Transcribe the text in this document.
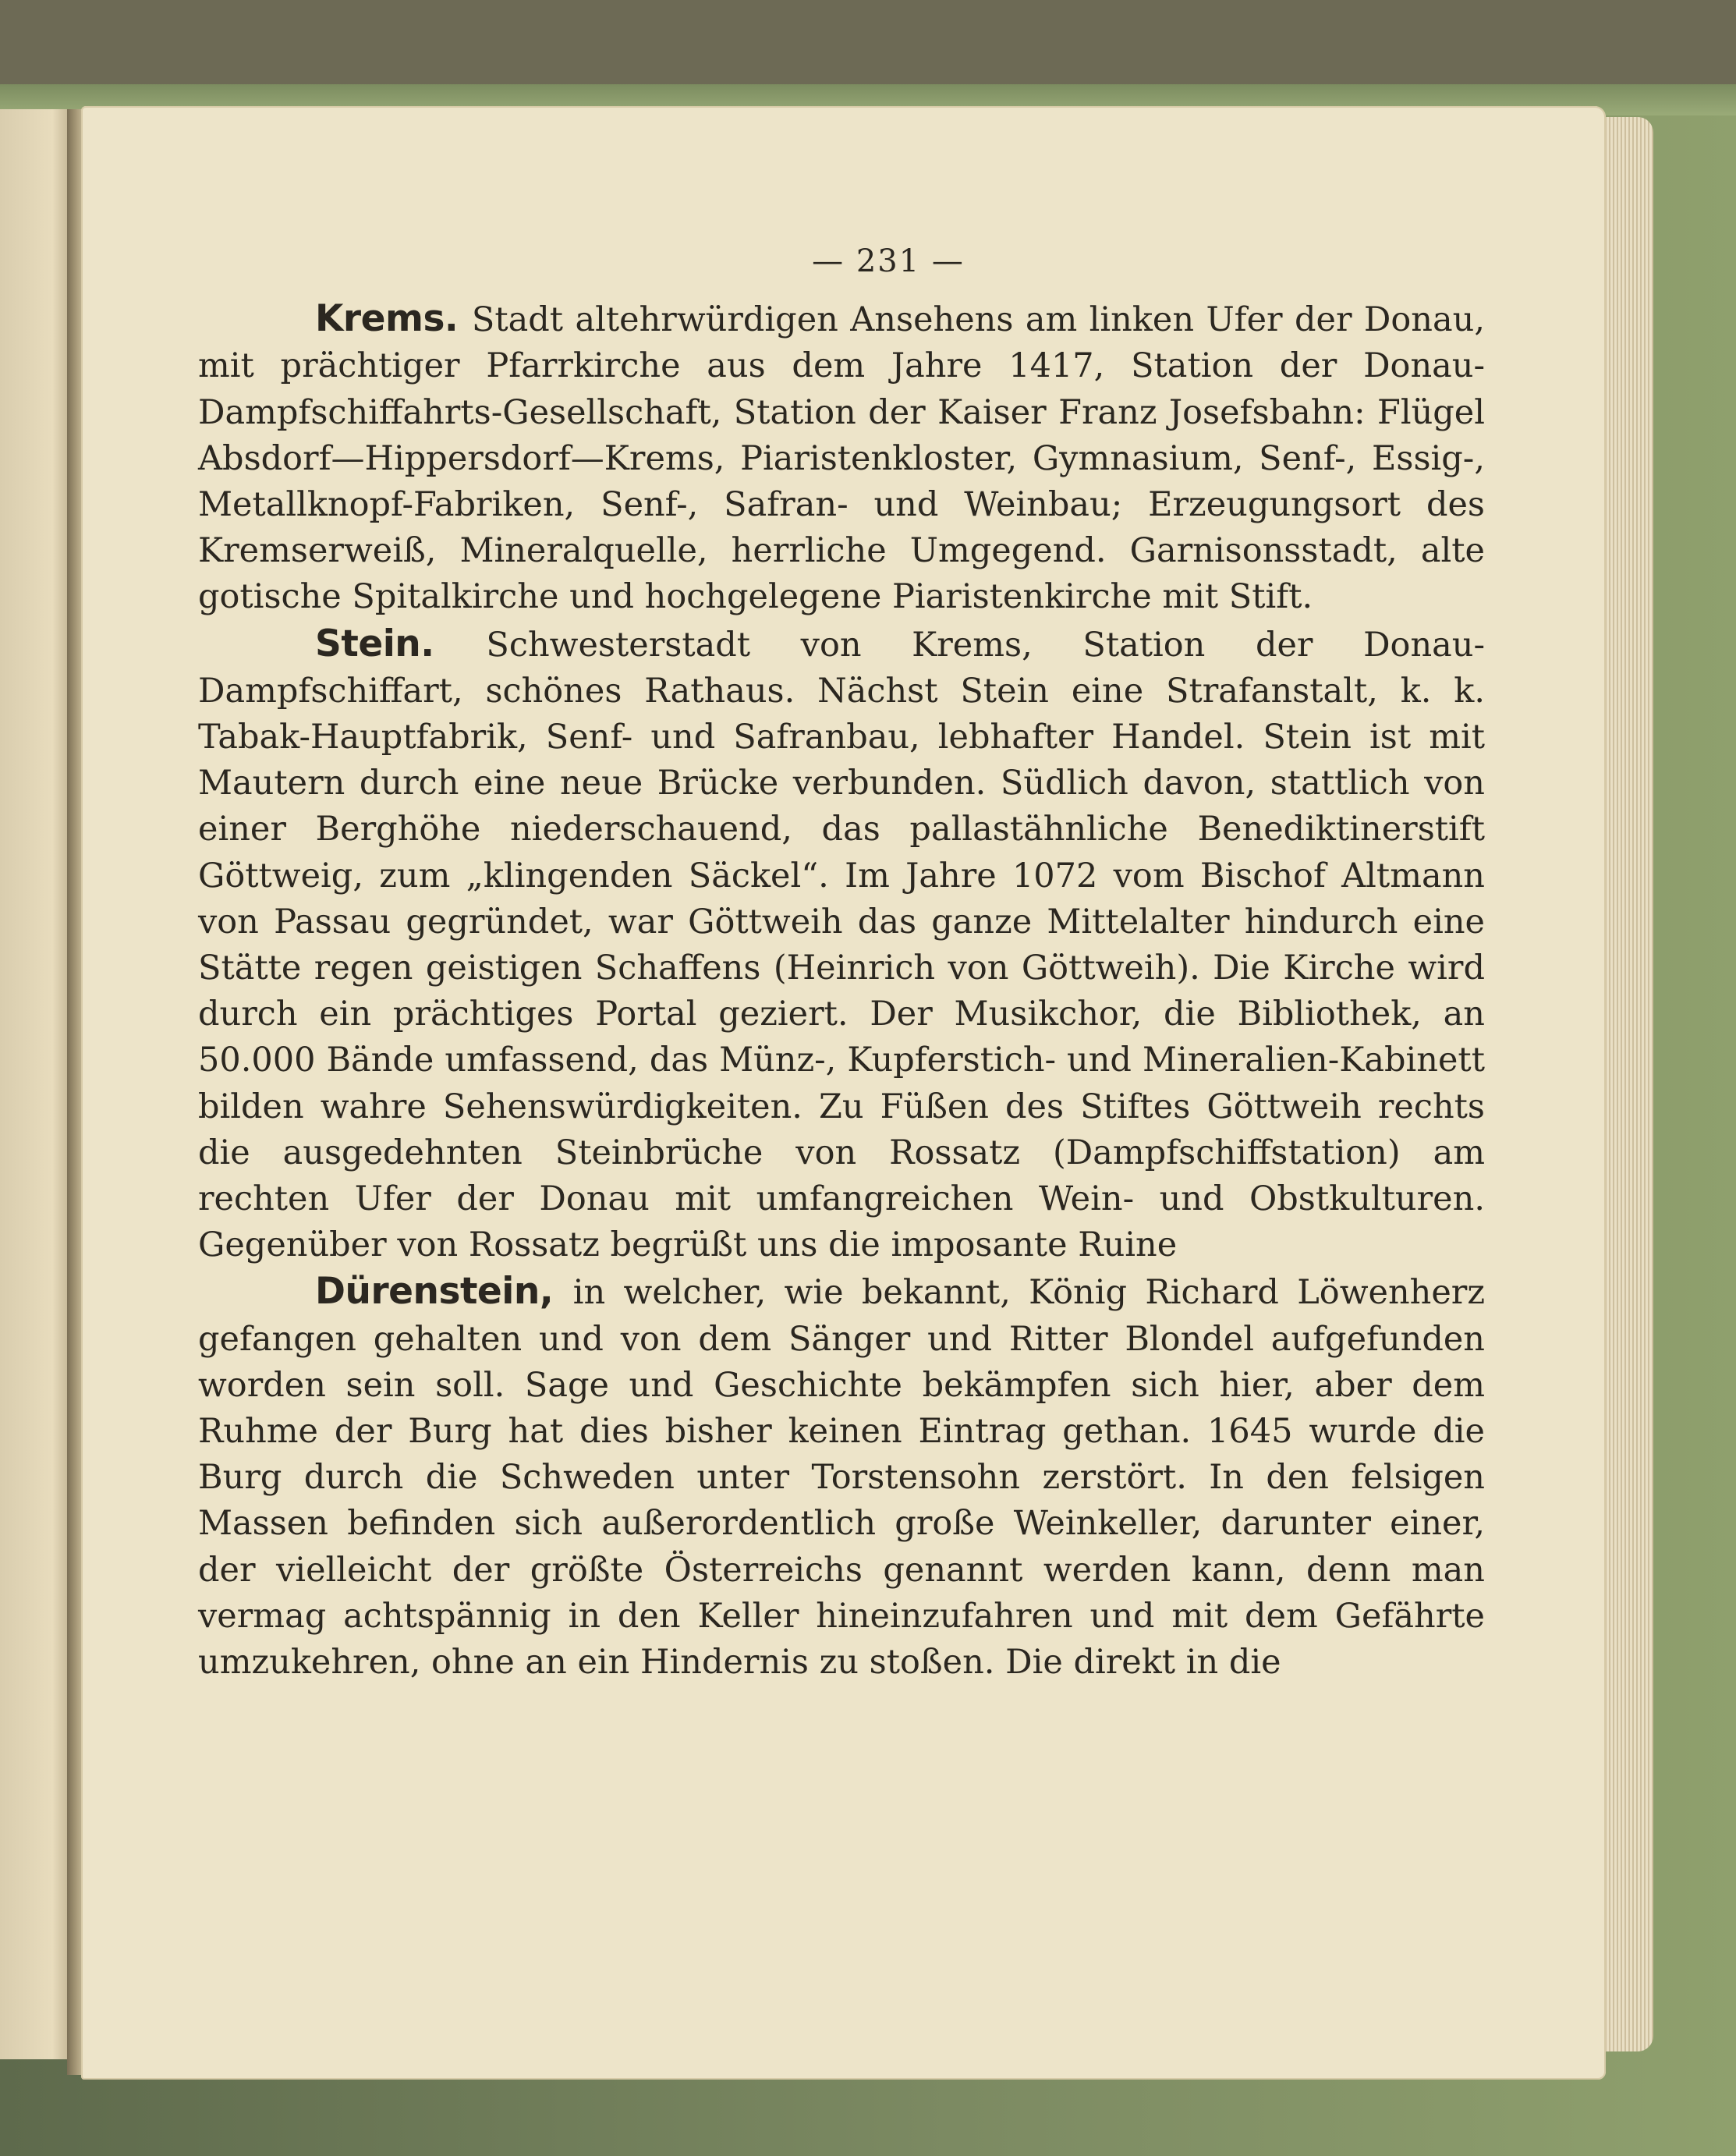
— 231 —

Krems. Stadt altehrwürdigen Ansehens am linken Ufer der Donau, mit prächtiger Pfarrkirche aus dem Jahre 1417, Station der Donau-Dampfschiffahrts-Gesellschaft, Station der Kaiser Franz Josefsbahn: Flügel Absdorf—Hippersdorf—Krems, Piaristenkloster, Gymnasium, Senf-, Essig-, Metallknopf-Fabriken, Senf-, Safran- und Weinbau; Erzeugungsort des Kremserweiß, Mineralquelle, herrliche Umgegend. Garnisonsstadt, alte gotische Spitalkirche und hochgelegene Piaristenkirche mit Stift.

Stein. Schwesterstadt von Krems, Station der Donau-Dampfschiffart, schönes Rathaus. Nächst Stein eine Strafanstalt, k. k. Tabak-Hauptfabrik, Senf- und Safranbau, lebhafter Handel. Stein ist mit Mautern durch eine neue Brücke verbunden. Südlich davon, stattlich von einer Berghöhe niederschauend, das pallastähnliche Benediktinerstift Göttweig, zum „klingenden Säckel“. Im Jahre 1072 vom Bischof Altmann von Passau gegründet, war Göttweih das ganze Mittelalter hindurch eine Stätte regen geistigen Schaffens (Heinrich von Göttweih). Die Kirche wird durch ein prächtiges Portal geziert. Der Musikchor, die Bibliothek, an 50.000 Bände umfassend, das Münz-, Kupferstich- und Mineralien-Kabinett bilden wahre Sehenswürdigkeiten. Zu Füßen des Stiftes Göttweih rechts die ausgedehnten Steinbrüche von Rossatz (Dampfschiffstation) am rechten Ufer der Donau mit umfangreichen Wein- und Obstkulturen. Gegenüber von Rossatz begrüßt uns die imposante Ruine

Dürenstein, in welcher, wie bekannt, König Richard Löwenherz gefangen gehalten und von dem Sänger und Ritter Blondel aufgefunden worden sein soll. Sage und Geschichte bekämpfen sich hier, aber dem Ruhme der Burg hat dies bisher keinen Eintrag gethan. 1645 wurde die Burg durch die Schweden unter Torstensohn zerstört. In den felsigen Massen befinden sich außerordentlich große Weinkeller, darunter einer, der vielleicht der größte Österreichs genannt werden kann, denn man vermag achtspännig in den Keller hineinzufahren und mit dem Gefährte umzukehren, ohne an ein Hindernis zu stoßen. Die direkt in die
